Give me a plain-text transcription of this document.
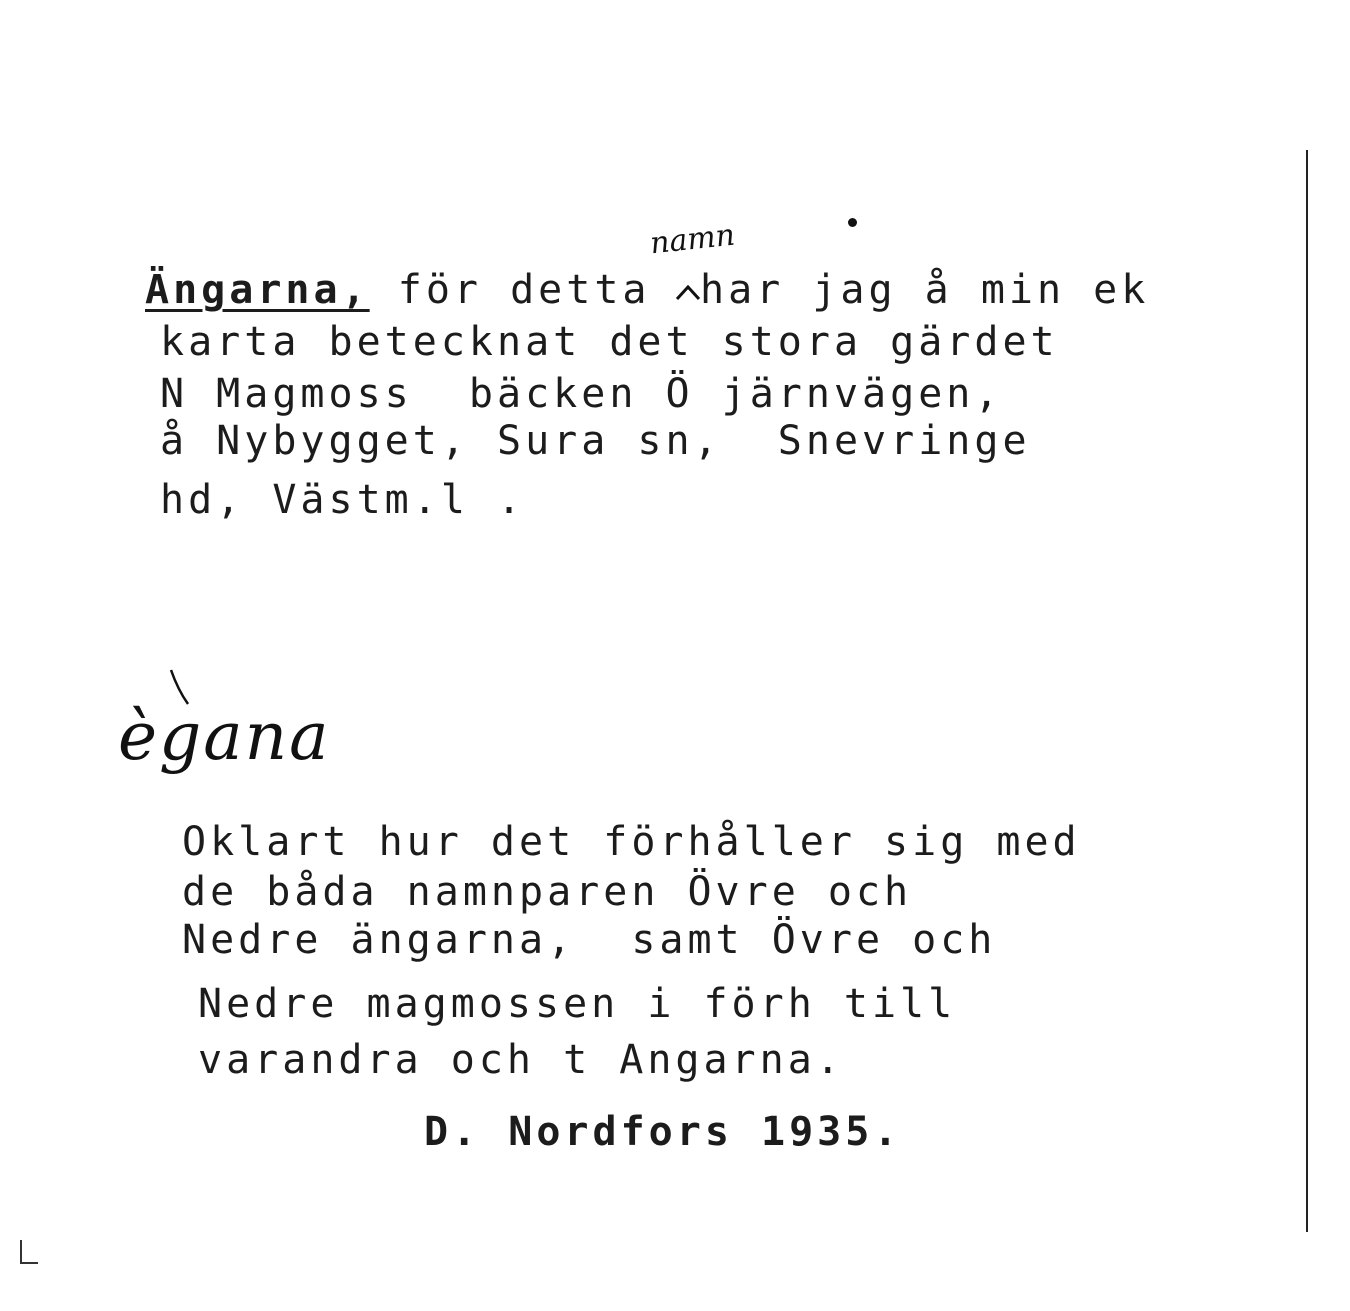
namn
Ängarna, för detta har jag å min ek
karta betecknat det stora gärdet
N Magmoss  bäcken Ö järnvägen,
å Nybygget, Sura sn,  Snevringe
hd, Västm.l .
ègana
Oklart hur det förhåller sig med
de båda namnparen Övre och
Nedre ängarna,  samt Övre och
Nedre magmossen i förh till
varandra och t Angarna.
D. Nordfors 1935.
